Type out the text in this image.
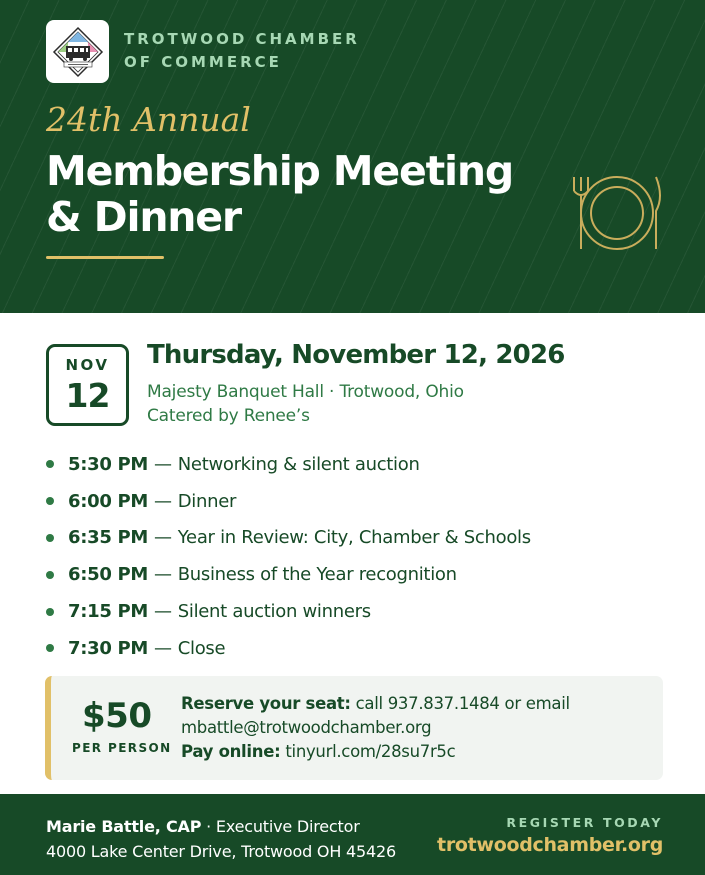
TROTWOOD CHAMBER
OF COMMERCE
24th Annual
Membership Meeting
& Dinner
NOV
12
Thursday, November 12, 2026
Majesty Banquet Hall · Trotwood, Ohio
Catered by Renee’s
5:30 PM — Networking & silent auction
6:00 PM — Dinner
6:35 PM — Year in Review: City, Chamber & Schools
6:50 PM — Business of the Year recognition
7:15 PM — Silent auction winners
7:30 PM — Close
$50
PER PERSON
Reserve your seat: call 937.837.1484 or email
mbattle@trotwoodchamber.org
Pay online: tinyurl.com/28su7r5c
Marie Battle, CAP · Executive Director
4000 Lake Center Drive, Trotwood OH 45426
REGISTER TODAY
trotwoodchamber.org
